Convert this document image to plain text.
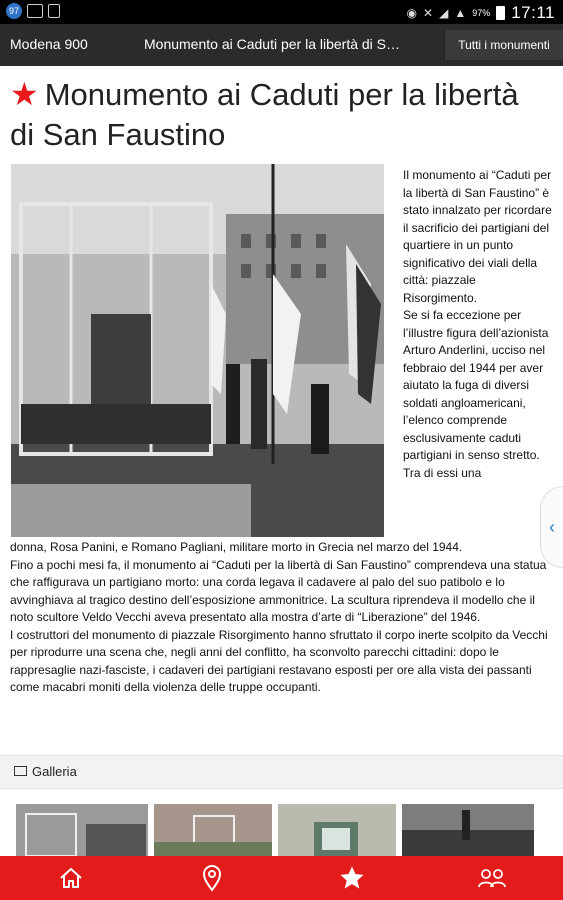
97	◉ ✕ ◢ ▲ 97% 17:11
Modena 900	Monumento ai Caduti per la libertà di S…	Tutti i monumenti
★ Monumento ai Caduti per la libertà di San Faustino

Il monumento ai “Caduti per la libertà di San Faustino” è stato innalzato per ricordare il sacrificio dei partigiani del quartiere in un punto significativo dei viali della città: piazzale Risorgimento.

Se si fa eccezione per l’illustre figura dell’azionista Arturo Anderlini, ucciso nel febbraio del 1944 per aver aiutato la fuga di diversi soldati angloamericani, l’elenco comprende esclusivamente caduti partigiani in senso stretto. Tra di essi una

donna, Rosa Panini, e Romano Pagliani, militare morto in Grecia nel marzo del 1944.

Fino a pochi mesi fa, il monumento ai “Caduti per la libertà di San Faustino” comprendeva una statua che raffigurava un partigiano morto: una corda legava il cadavere al palo del suo patibolo e lo avvinghiava al tragico destino dell’esposizione ammonitrice. La scultura riprendeva il modello che il noto scultore Veldo Vecchi aveva presentato alla mostra d’arte di “Liberazione” del 1946.

I costruttori del monumento di piazzale Risorgimento hanno sfruttato il corpo inerte scolpito da Vecchi per riprodurre una scena che, negli anni del conflitto, ha sconvolto parecchi cittadini: dopo le rappresaglie nazi-fasciste, i cadaveri dei partigiani restavano esposti per ore alla vista dei passanti come macabri moniti della violenza delle truppe occupanti.

Galleria
‹
